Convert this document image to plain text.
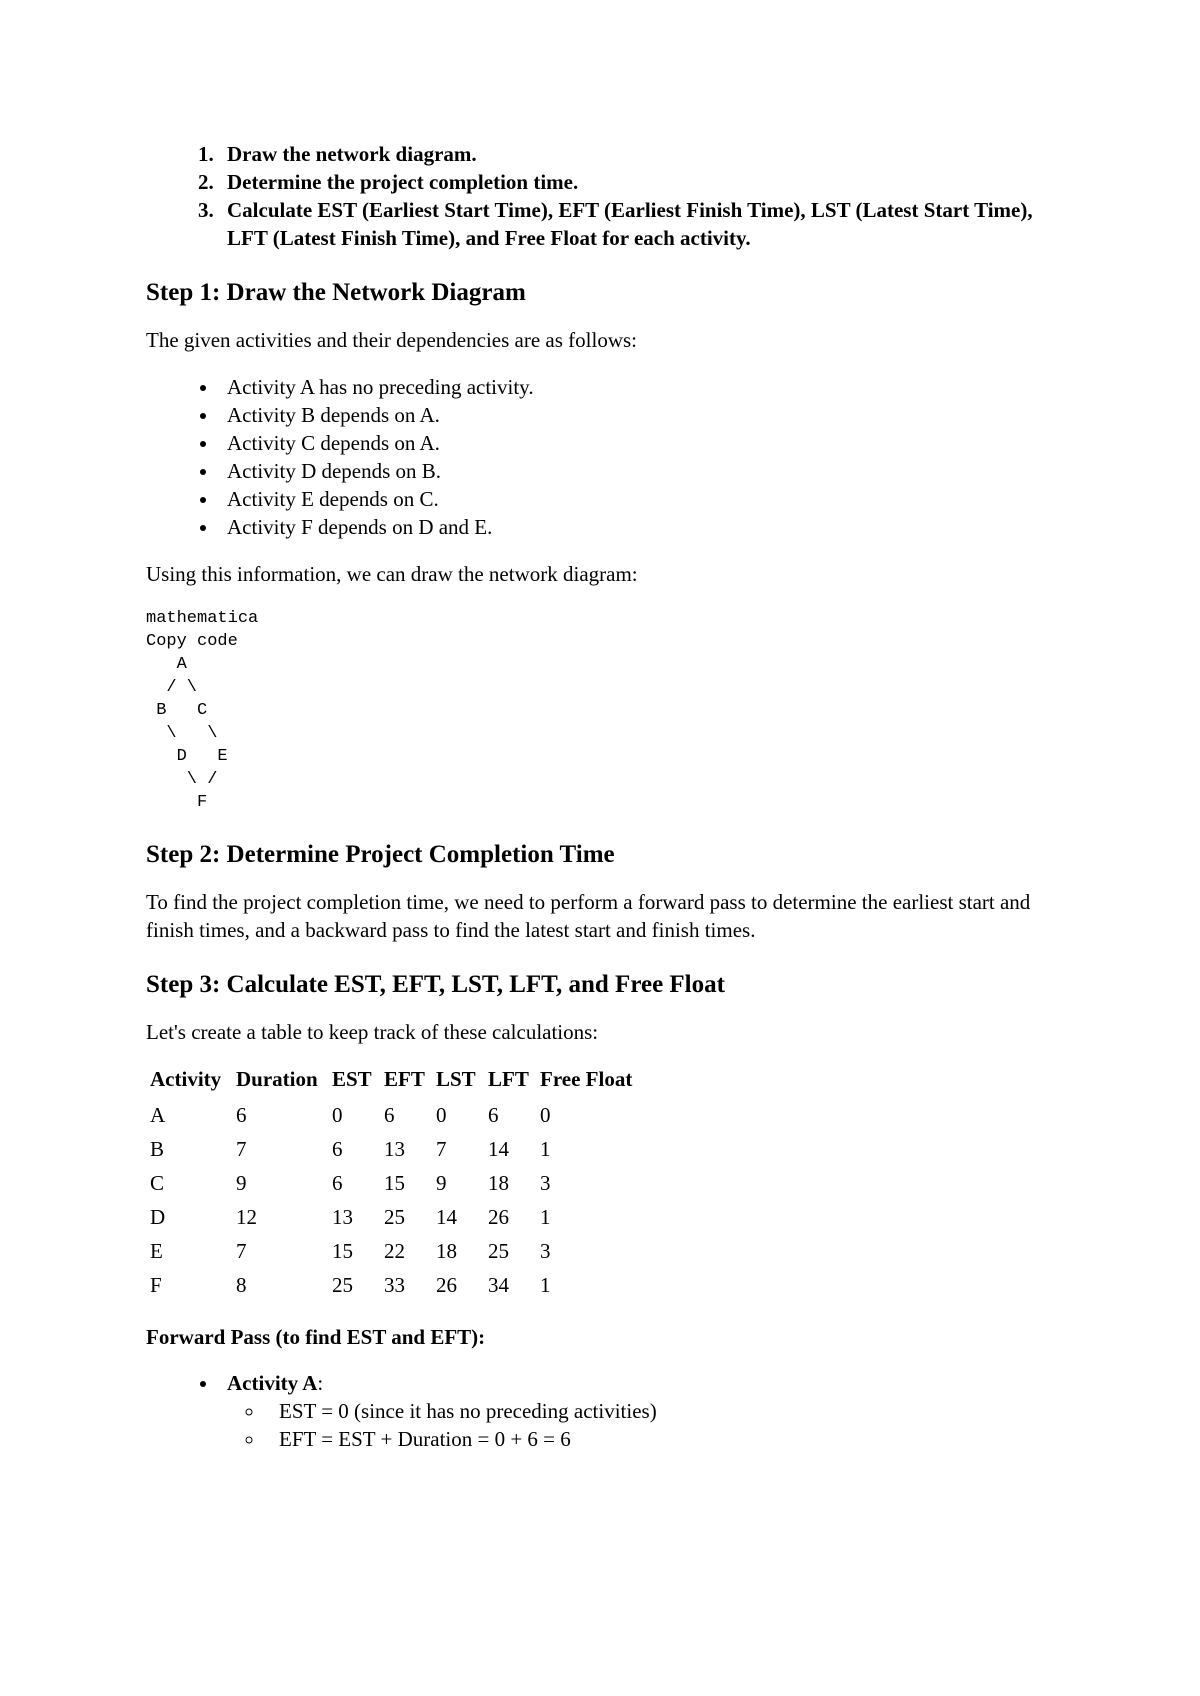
1. Draw the network diagram.
2. Determine the project completion time.
3. Calculate EST (Earliest Start Time), EFT (Earliest Finish Time), LST (Latest Start Time), LFT (Latest Finish Time), and Free Float for each activity.
Step 1: Draw the Network Diagram

The given activities and their dependencies are as follows:

• Activity A has no preceding activity.
• Activity B depends on A.
• Activity C depends on A.
• Activity D depends on B.
• Activity E depends on C.
• Activity F depends on D and E.

Using this information, we can draw the network diagram:

mathematica
Copy code
A
/ \
B   C
\   \
D   E
\ /
F
Step 2: Determine Project Completion Time

To find the project completion time, we need to perform a forward pass to determine the earliest start and finish times, and a backward pass to find the latest start and finish times.

Step 3: Calculate EST, EFT, LST, LFT, and Free Float

Let's create a table to keep track of these calculations:

Activity	Duration	EST	EFT	LST	LFT	Free Float
A	6	0	6	0	6	0
B	7	6	13	7	14	1
C	9	6	15	9	18	3
D	12	13	25	14	26	1
E	7	15	22	18	25	3
F	8	25	33	26	34	1

Forward Pass (to find EST and EFT):

• Activity A:
◦ EST = 0 (since it has no preceding activities)
◦ EFT = EST + Duration = 0 + 6 = 6
